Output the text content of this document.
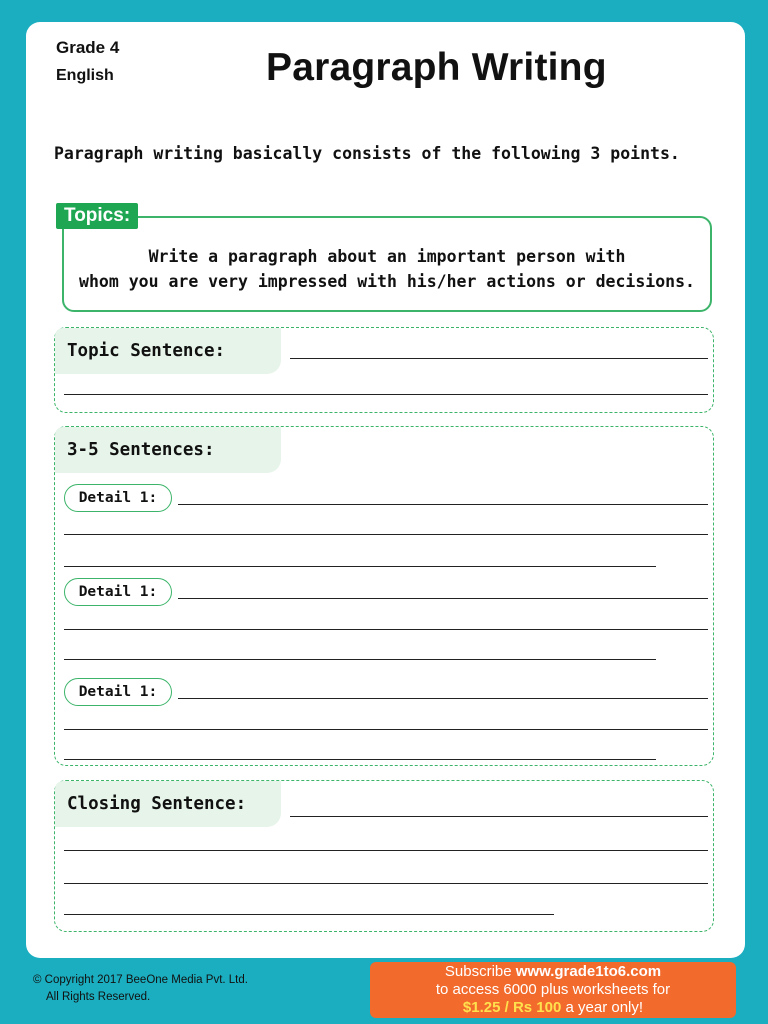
Grade 4
English	Paragraph Writing
Paragraph writing basically consists of the following 3 points.
Topics:
Write a paragraph about an important person with
whom you are very impressed with his/her actions or decisions.
Topic Sentence:
3-5 Sentences:
Detail 1:
Detail 1:
Detail 1:
Closing Sentence:
© Copyright 2017 BeeOne Media Pvt. Ltd.
All Rights Reserved.
Subscribe www.grade1to6.com
to access 6000 plus worksheets for
$1.25 / Rs 100 a year only!
